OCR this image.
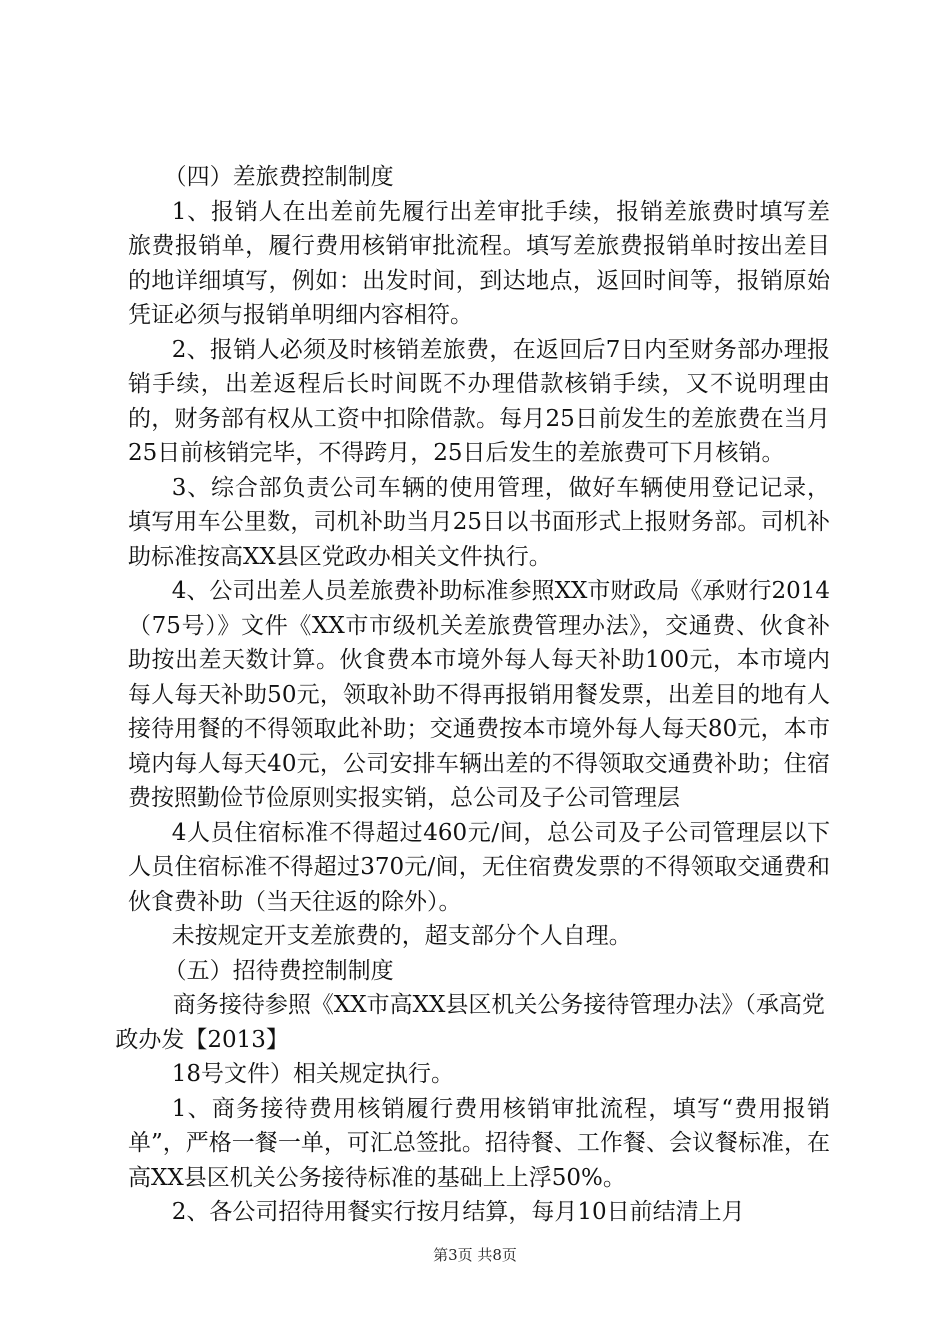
（四）差旅费控制制度

1、报销人在出差前先履行出差审批手续，报销差旅费时填写差旅费报销单，履行费用核销审批流程。填写差旅费报销单时按出差目的地详细填写，例如：出发时间，到达地点，返回时间等，报销原始凭证必须与报销单明细内容相符。

2、报销人必须及时核销差旅费，在返回后7日内至财务部办理报销手续，出差返程后长时间既不办理借款核销手续，又不说明理由的，财务部有权从工资中扣除借款。每月25日前发生的差旅费在当月25日前核销完毕，不得跨月，25日后发生的差旅费可下月核销。

3、综合部负责公司车辆的使用管理，做好车辆使用登记记录，填写用车公里数，司机补助当月25日以书面形式上报财务部。司机补助标准按高XX县区党政办相关文件执行。

4、公司出差人员差旅费补助标准参照XX市财政局《承财行2014（75号）》文件《XX市市级机关差旅费管理办法》，交通费、伙食补助按出差天数计算。伙食费本市境外每人每天补助100元，本市境内每人每天补助50元，领取补助不得再报销用餐发票，出差目的地有人接待用餐的不得领取此补助；交通费按本市境外每人每天80元，本市境内每人每天40元，公司安排车辆出差的不得领取交通费补助；住宿费按照勤俭节俭原则实报实销，总公司及子公司管理层

4人员住宿标准不得超过460元/间，总公司及子公司管理层以下人员住宿标准不得超过370元/间，无住宿费发票的不得领取交通费和伙食费补助（当天往返的除外）。

未按规定开支差旅费的，超支部分个人自理。

（五）招待费控制制度

商务接待参照《XX市高XX县区机关公务接待管理办法》（承高党政办发【2013】

18号文件）相关规定执行。

1、商务接待费用核销履行费用核销审批流程，填写“费用报销单”，严格一餐一单，可汇总签批。招待餐、工作餐、会议餐标准，在高XX县区机关公务接待标准的基础上上浮50%。

2、各公司招待用餐实行按月结算，每月10日前结清上月

第3页 共8页
